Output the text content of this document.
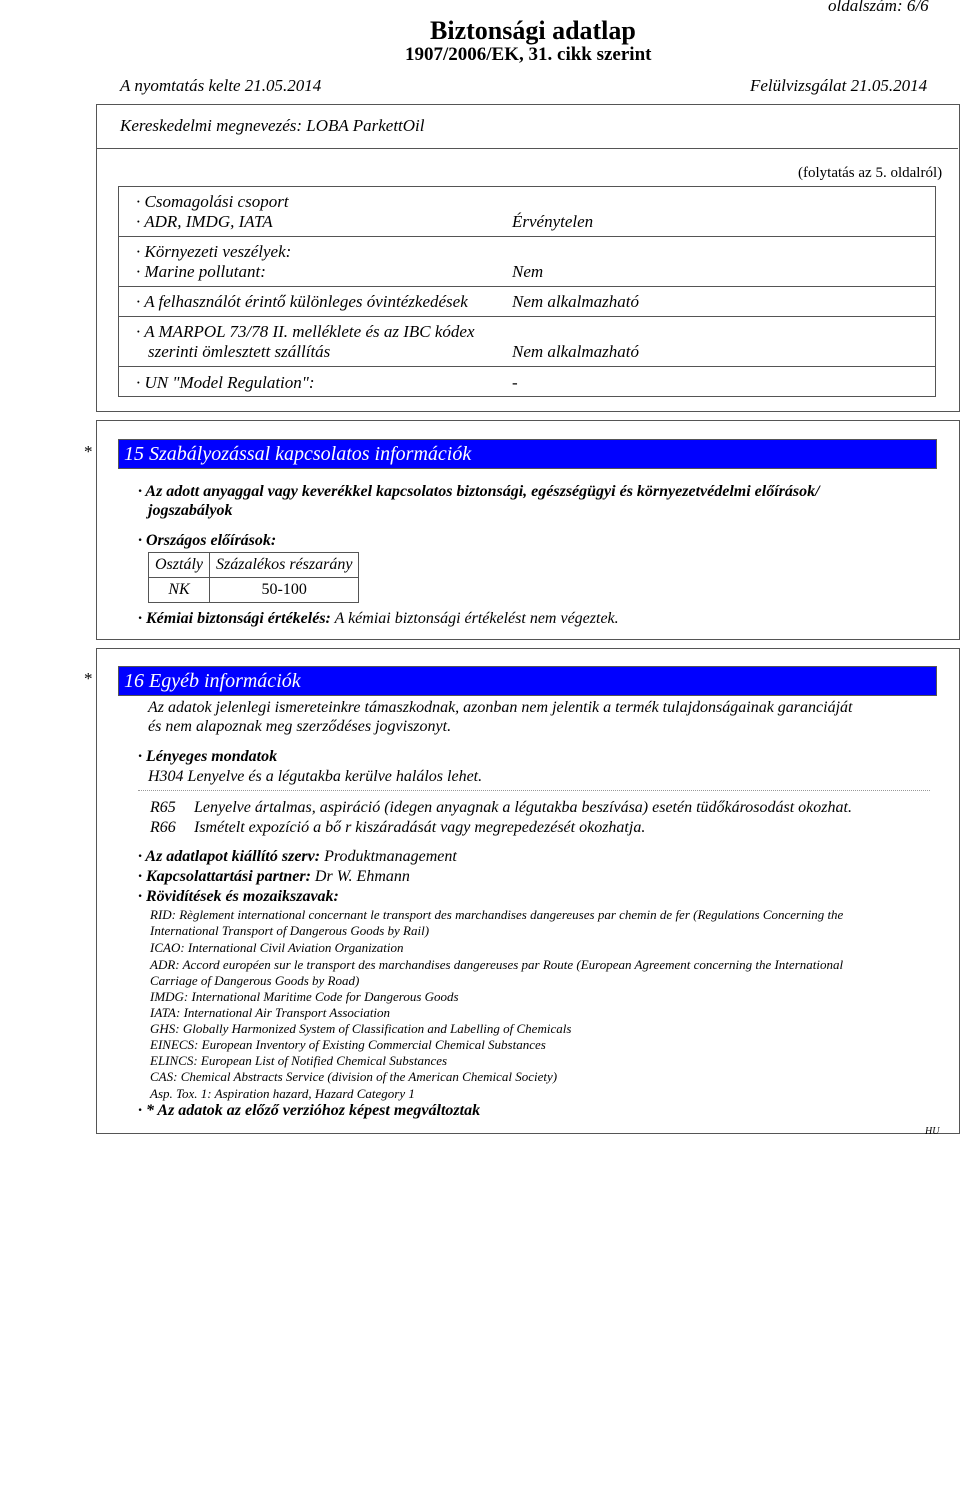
oldalszám: 6/6
Biztonsági adatlap
1907/2006/EK, 31. cikk szerint
A nyomtatás kelte 21.05.2014	Felülvizsgálat 21.05.2014
Kereskedelmi megnevezés: LOBA ParkettOil
(folytatás az 5. oldalról)
· Csomagolási csoport
· ADR, IMDG, IATA	Érvénytelen
· Környezeti veszélyek:
· Marine pollutant:	Nem
· A felhasználót érintő különleges óvintézkedések	Nem alkalmazható
· A MARPOL 73/78 II. melléklete és az IBC kódex
szerinti ömlesztett szállítás	Nem alkalmazható
· UN "Model Regulation":	-
* 15 Szabályozással kapcsolatos információk
· Az adott anyaggal vagy keverékkel kapcsolatos biztonsági, egészségügyi és környezetvédelmi előírások/
jogszabályok
· Országos előírások:
Osztály	Százalékos részarány
NK	50-100
· Kémiai biztonsági értékelés: A kémiai biztonsági értékelést nem végeztek.
* 16 Egyéb információk
Az adatok jelenlegi ismereteinkre támaszkodnak, azonban nem jelentik a termék tulajdonságainak garanciáját
és nem alapoznak meg szerződéses jogviszonyt.
· Lényeges mondatok
H304 Lenyelve és a légutakba kerülve halálos lehet.
R65 Lenyelve ártalmas, aspiráció (idegen anyagnak a légutakba beszívása) esetén tüdőkárosodást okozhat.
R66 Ismételt expozíció a bő r kiszáradását vagy megrepedezését okozhatja.
· Az adatlapot kiállító szerv: Produktmanagement
· Kapcsolattartási partner: Dr W. Ehmann
· Rövidítések és mozaikszavak:
RID: Règlement international concernant le transport des marchandises dangereuses par chemin de fer (Regulations Concerning the
International Transport of Dangerous Goods by Rail)
ICAO: International Civil Aviation Organization
ADR: Accord européen sur le transport des marchandises dangereuses par Route (European Agreement concerning the International
Carriage of Dangerous Goods by Road)
IMDG: International Maritime Code for Dangerous Goods
IATA: International Air Transport Association
GHS: Globally Harmonized System of Classification and Labelling of Chemicals
EINECS: European Inventory of Existing Commercial Chemical Substances
ELINCS: European List of Notified Chemical Substances
CAS: Chemical Abstracts Service (division of the American Chemical Society)
Asp. Tox. 1: Aspiration hazard, Hazard Category 1
· * Az adatok az előző verzióhoz képest megváltoztak
HU
